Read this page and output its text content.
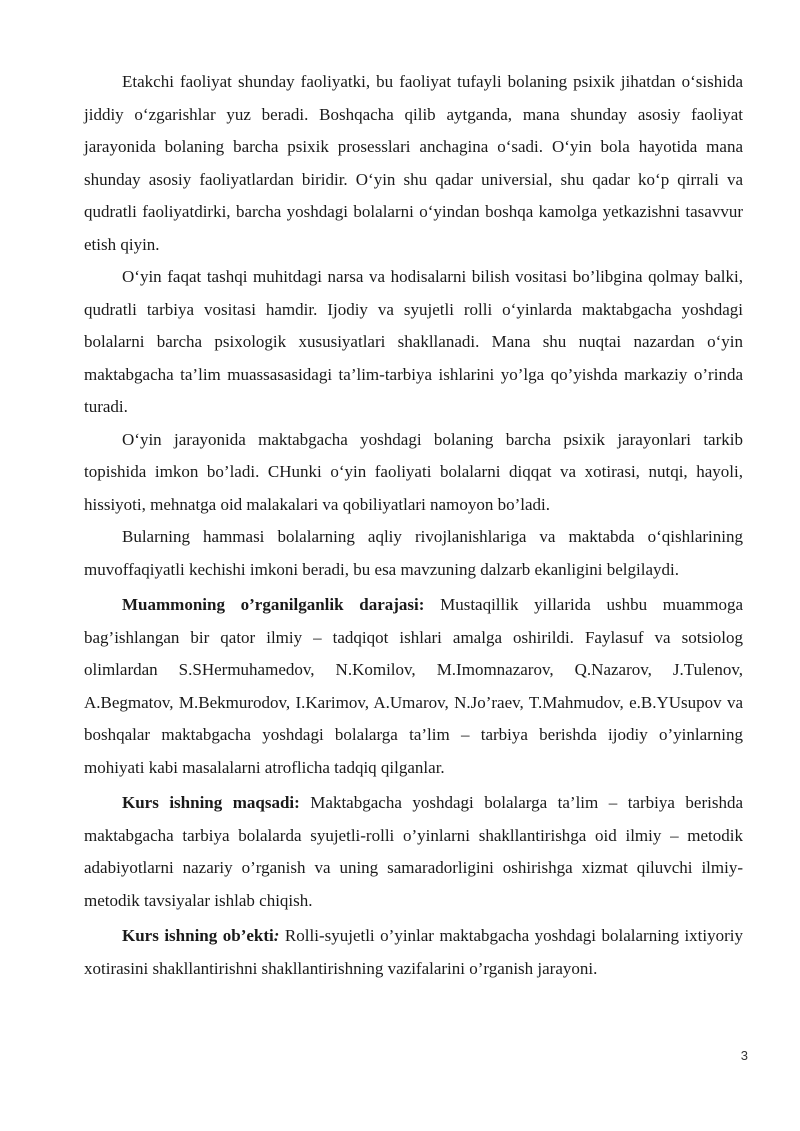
Etakchi faoliyat shunday faoliyatki, bu faoliyat tufayli bolaning psixik jihatdan o‘sishida jiddiy o‘zgarishlar yuz beradi. Boshqacha qilib aytganda, mana shunday asosiy faoliyat jarayonida bolaning barcha psixik prosesslari anchagina o‘sadi. O‘yin bola hayotida mana shunday asosiy faoliyatlardan biridir. O‘yin shu qadar universial, shu qadar ko‘p qirrali va qudratli faoliyatdirki, barcha yoshdagi bolalarni o‘yindan boshqa kamolga yetkazishni tasavvur etish qiyin.

O‘yin faqat tashqi muhitdagi narsa va hodisalarni bilish vositasi bo’libgina qolmay balki, qudratli tarbiya vositasi hamdir. Ijodiy va syujetli rolli o‘yinlarda maktabgacha yoshdagi bolalarni barcha psixologik xususiyatlari shakllanadi. Mana shu nuqtai nazardan o‘yin maktabgacha ta’lim muassasasidagi ta’lim-tarbiya ishlarini yo’lga qo’yishda markaziy o’rinda turadi.

O‘yin jarayonida maktabgacha yoshdagi bolaning barcha psixik jarayonlari tarkib topishida imkon bo’ladi. CHunki o‘yin faoliyati bolalarni diqqat va xotirasi, nutqi, hayoli, hissiyoti, mehnatga oid malakalari va qobiliyatlari namoyon bo’ladi.

Bularning hammasi bolalarning aqliy rivojlanishlariga va maktabda o‘qishlarining muvoffaqiyatli kechishi imkoni beradi, bu esa mavzuning dalzarb ekanligini belgilaydi.

Muammoning o’rganilganlik darajasi: Mustaqillik yillarida ushbu muammoga bag’ishlangan bir qator ilmiy – tadqiqot ishlari amalga oshirildi. Faylasuf va sotsiolog olimlardan S.SHermuhamedov, N.Komilov, M.Imomnazarov, Q.Nazarov, J.Tulenov, A.Begmatov, M.Bekmurodov, I.Karimov, A.Umarov, N.Jo’raev, T.Mahmudov, e.B.YUsupov va boshqalar maktabgacha yoshdagi bolalarga ta’lim – tarbiya berishda ijodiy o’yinlarning mohiyati kabi masalalarni atroflicha tadqiq qilganlar.

Kurs ishning maqsadi: Maktabgacha yoshdagi bolalarga ta’lim – tarbiya berishda maktabgacha tarbiya bolalarda syujetli-rolli o’yinlarni shakllantirishga oid ilmiy – metodik adabiyotlarni nazariy o’rganish va uning samaradorligini oshirishga xizmat qiluvchi ilmiy-metodik tavsiyalar ishlab chiqish.

Kurs ishning ob’ekti: Rolli-syujetli o’yinlar maktabgacha yoshdagi bolalarning ixtiyoriy xotirasini shakllantirishni shakllantirishning vazifalarini o’rganish jarayoni.

3
